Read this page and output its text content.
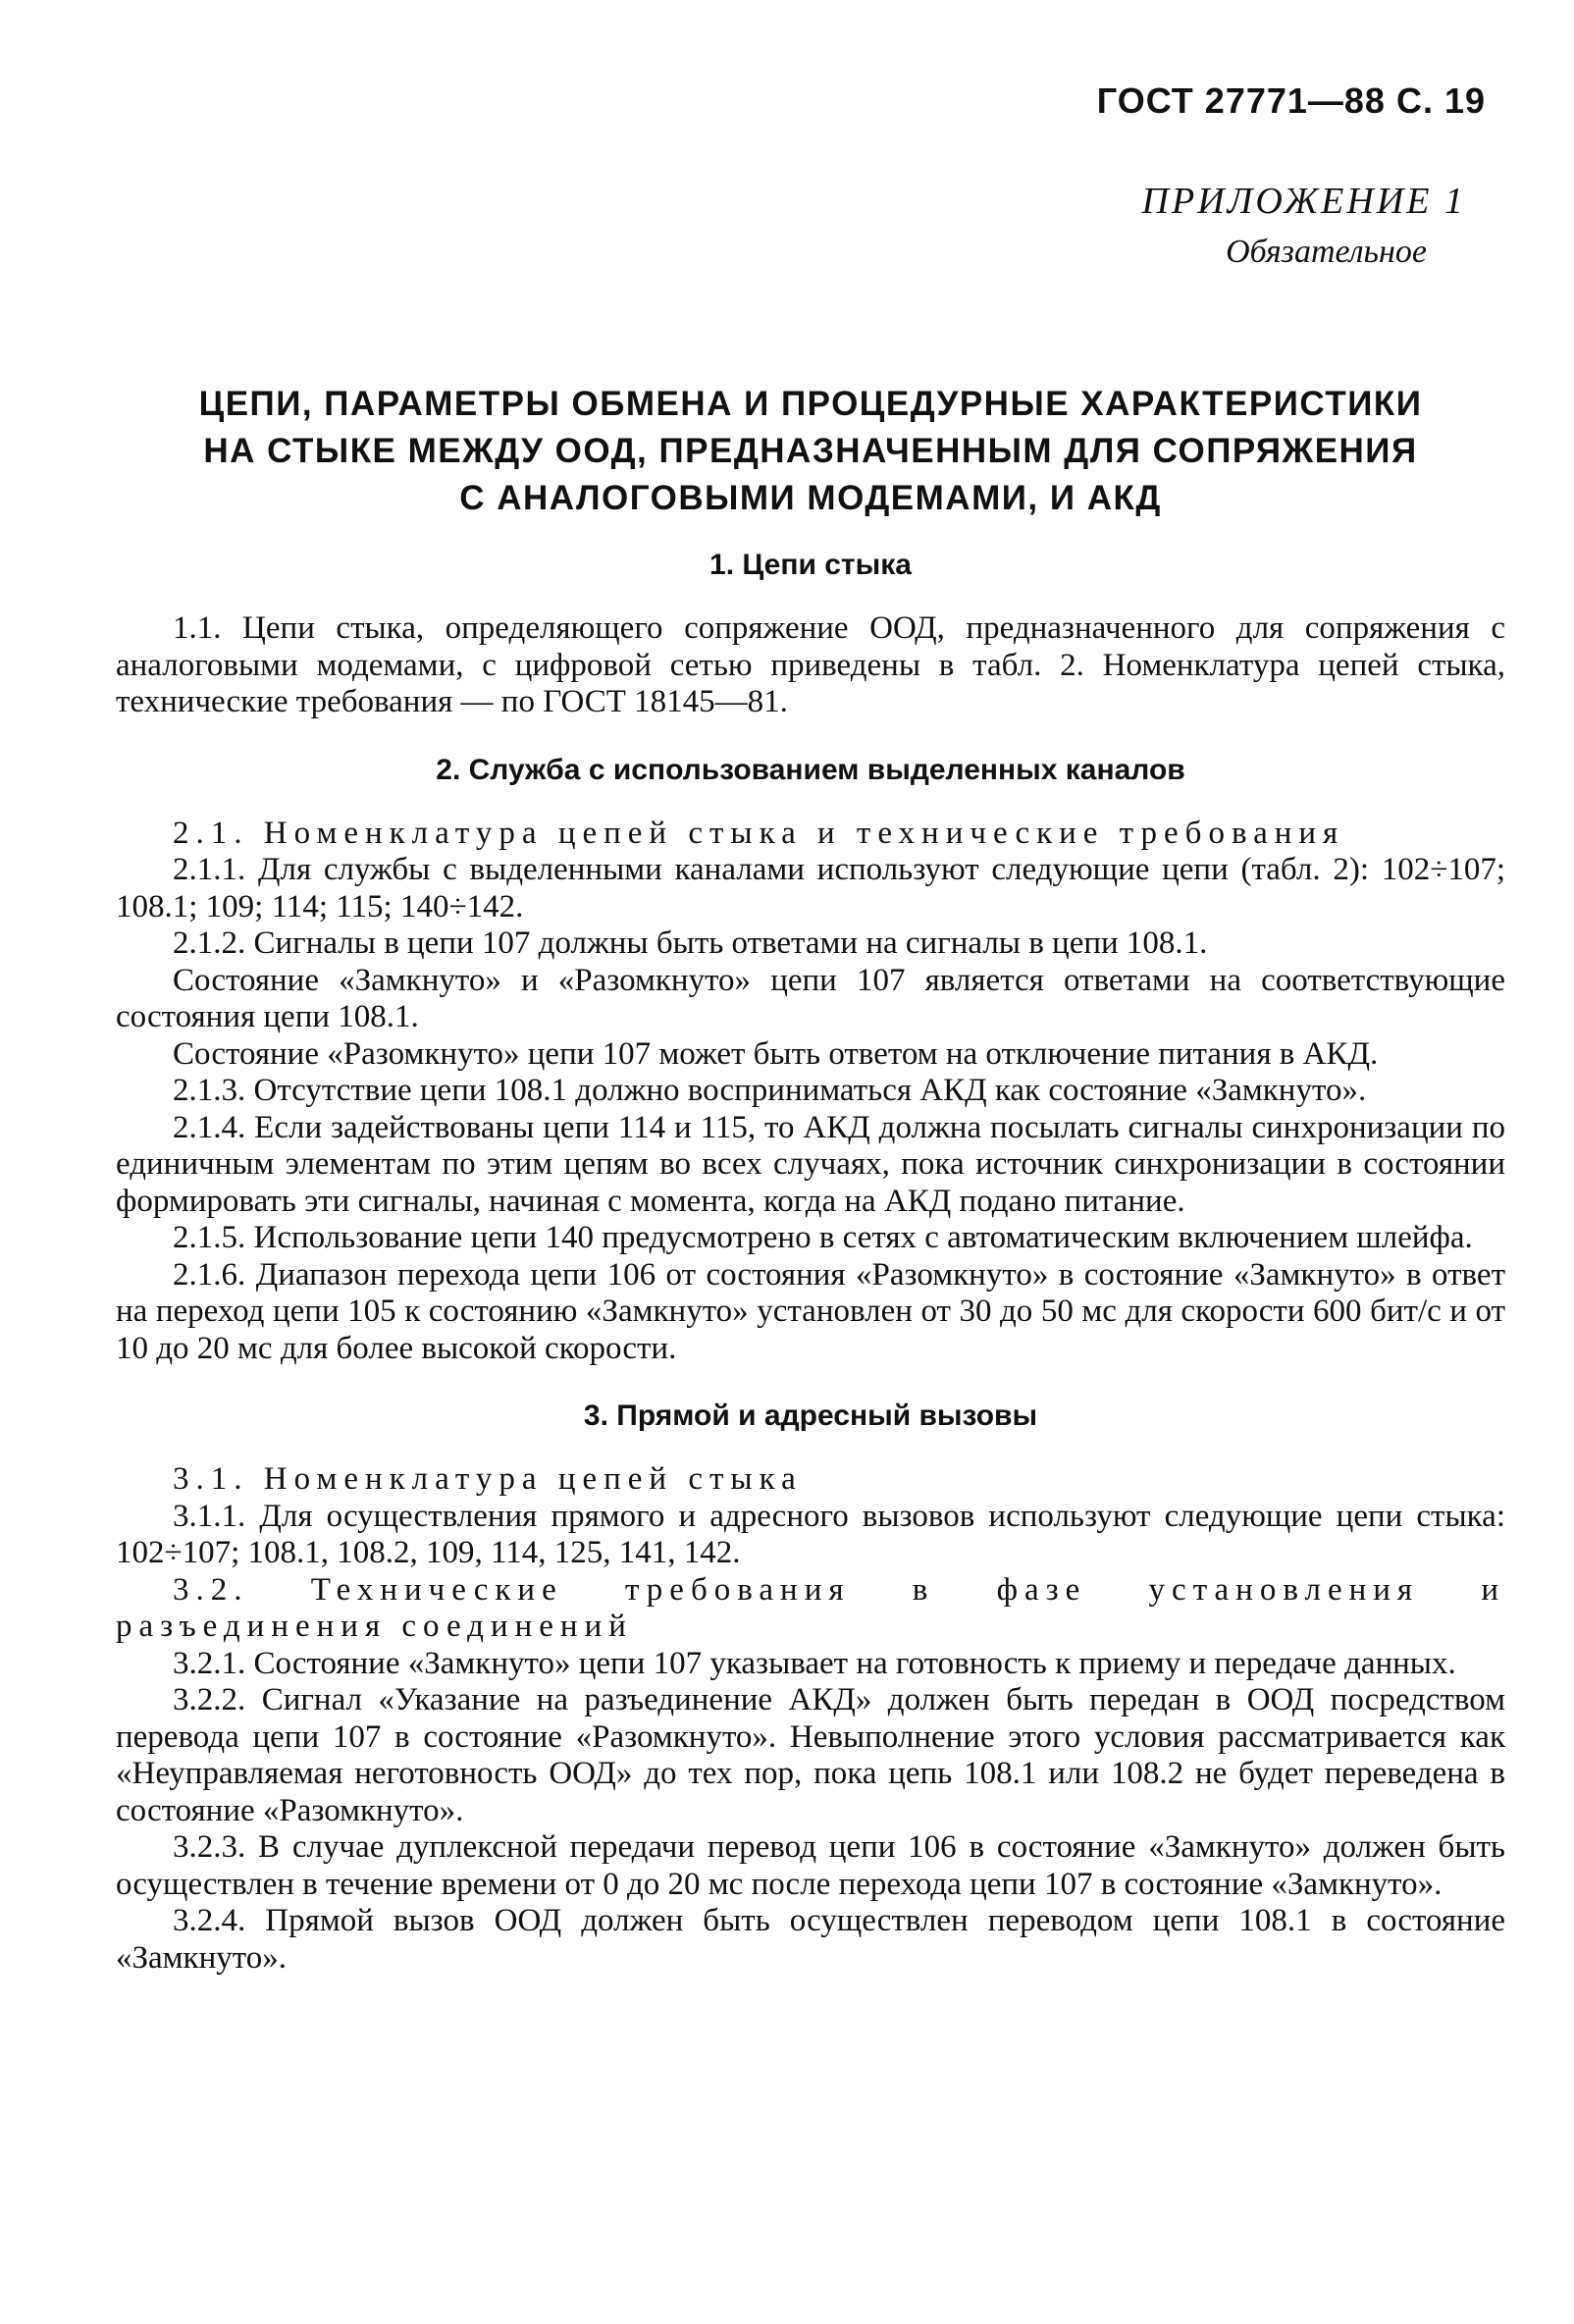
ГОСТ 27771—88 С. 19
ПРИЛОЖЕНИЕ 1
Обязательное
ЦЕПИ, ПАРАМЕТРЫ ОБМЕНА И ПРОЦЕДУРНЫЕ ХАРАКТЕРИСТИКИ
НА СТЫКЕ МЕЖДУ ООД, ПРЕДНАЗНАЧЕННЫМ ДЛЯ СОПРЯЖЕНИЯ
С АНАЛОГОВЫМИ МОДЕМАМИ, И АКД
1. Цепи стыка

1.1. Цепи стыка, определяющего сопряжение ООД, предназначенного для сопряжения с аналоговыми модемами, с цифровой сетью приведены в табл. 2. Номенклатура цепей стыка, технические требования — по ГОСТ 18145—81.

2. Служба с использованием выделенных каналов

2.1. Номенклатура цепей стыка и технические требования

2.1.1. Для службы с выделенными каналами используют следующие цепи (табл. 2): 102÷107; 108.1; 109; 114; 115; 140÷142.

2.1.2. Сигналы в цепи 107 должны быть ответами на сигналы в цепи 108.1.

Состояние «Замкнуто» и «Разомкнуто» цепи 107 является ответами на соответствующие состояния цепи 108.1.

Состояние «Разомкнуто» цепи 107 может быть ответом на отключение питания в АКД.

2.1.3. Отсутствие цепи 108.1 должно восприниматься АКД как состояние «Замкнуто».

2.1.4. Если задействованы цепи 114 и 115, то АКД должна посылать сигналы синхронизации по единичным элементам по этим цепям во всех случаях, пока источник синхронизации в состоянии формировать эти сигналы, начиная с момента, когда на АКД подано питание.

2.1.5. Использование цепи 140 предусмотрено в сетях с автоматическим включением шлейфа.

2.1.6. Диапазон перехода цепи 106 от состояния «Разомкнуто» в состояние «Замкнуто» в ответ на переход цепи 105 к состоянию «Замкнуто» установлен от 30 до 50 мс для скорости 600 бит/с и от 10 до 20 мс для более высокой скорости.

3. Прямой и адресный вызовы

3.1. Номенклатура цепей стыка

3.1.1. Для осуществления прямого и адресного вызовов используют следующие цепи стыка: 102÷107; 108.1, 108.2, 109, 114, 125, 141, 142.

3.2. Технические требования в фазе установления и разъединения соединений

3.2.1. Состояние «Замкнуто» цепи 107 указывает на готовность к приему и передаче данных.

3.2.2. Сигнал «Указание на разъединение АКД» должен быть передан в ООД посредством перевода цепи 107 в состояние «Разомкнуто». Невыполнение этого условия рассматривается как «Неуправляемая неготовность ООД» до тех пор, пока цепь 108.1 или 108.2 не будет переведена в состояние «Разомкнуто».

3.2.3. В случае дуплексной передачи перевод цепи 106 в состояние «Замкнуто» должен быть осуществлен в течение времени от 0 до 20 мс после перехода цепи 107 в состояние «Замкнуто».

3.2.4. Прямой вызов ООД должен быть осуществлен переводом цепи 108.1 в состояние «Замкнуто».
